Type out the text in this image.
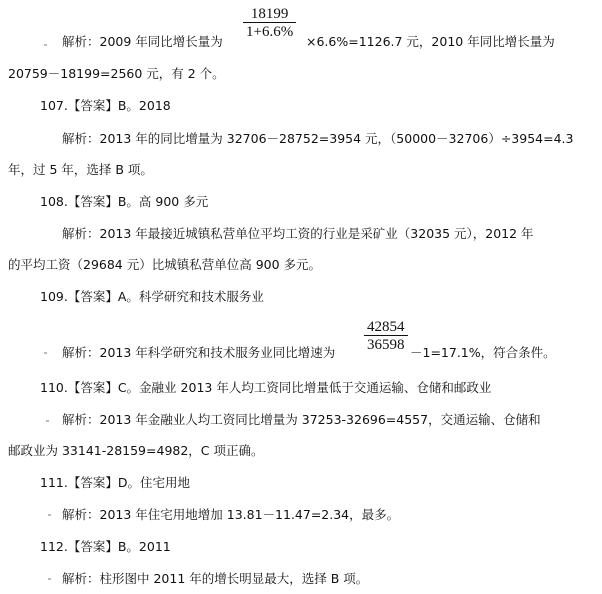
解析：2009 年同比增长量为
18199
1+6.6%
×6.6%=1126.7 元，2010 年同比增长量为
20759－18199=2560 元，有 2 个。
107.【答案】B。2018
解析：2013 年的同比增量为 32706－28752=3954 元，（50000－32706）÷3954=4.3
年，过 5 年，选择 B 项。
108.【答案】B。高 900 多元
解析：2013 年最接近城镇私营单位平均工资的行业是采矿业（32035 元），2012 年
的平均工资（29684 元）比城镇私营单位高 900 多元。
109.【答案】A。科学研究和技术服务业
解析：2013 年科学研究和技术服务业同比增速为
42854
36598 －1=17.1%，符合条件。
110.【答案】C。金融业 2013 年人均工资同比增量低于交通运输、仓储和邮政业
解析：2013 年金融业人均工资同比增量为 37253-32696=4557，交通运输、仓储和
邮政业为 33141-28159=4982，C 项正确。
111.【答案】D。住宅用地
解析：2013 年住宅用地增加 13.81－11.47=2.34，最多。
112.【答案】B。2011
解析：柱形图中 2011 年的增长明显最大，选择 B 项。
